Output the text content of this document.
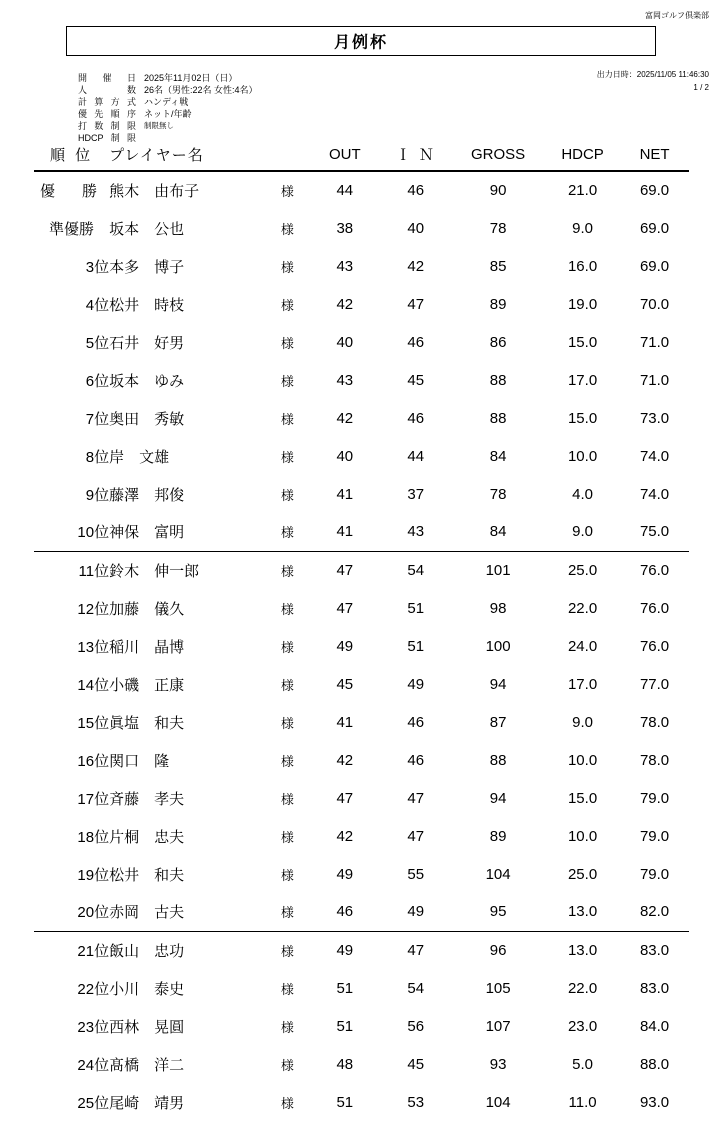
富岡ゴルフ倶楽部
月例杯
開催日 2025年11月02日（日）
人数 26名（男性:22名 女性:4名）
計算方式 ハンディ戦
優先順序 ネット/年齢
打数制限 制限無し
HDCP制限
出力日時：2025/11/05 11:46:30
1 / 2
順 位	プレイヤー名		OUT	Ｉ Ｎ	GROSS	HDCP	NET
優　勝	熊木　由布子	様	44	46	90	21.0	69.0
準優勝	坂本　公也	様	38	40	78	9.0	69.0
3位	本多　博子	様	43	42	85	16.0	69.0
4位	松井　時枝	様	42	47	89	19.0	70.0
5位	石井　好男	様	40	46	86	15.0	71.0
6位	坂本　ゆみ	様	43	45	88	17.0	71.0
7位	奥田　秀敏	様	42	46	88	15.0	73.0
8位	岸　文雄	様	40	44	84	10.0	74.0
9位	藤澤　邦俊	様	41	37	78	4.0	74.0
10位	神保　富明	様	41	43	84	9.0	75.0
11位	鈴木　伸一郎	様	47	54	101	25.0	76.0
12位	加藤　儀久	様	47	51	98	22.0	76.0
13位	稲川　晶博	様	49	51	100	24.0	76.0
14位	小磯　正康	様	45	49	94	17.0	77.0
15位	眞塩　和夫	様	41	46	87	9.0	78.0
16位	関口　隆	様	42	46	88	10.0	78.0
17位	斉藤　孝夫	様	47	47	94	15.0	79.0
18位	片桐　忠夫	様	42	47	89	10.0	79.0
19位	松井　和夫	様	49	55	104	25.0	79.0
20位	赤岡　古夫	様	46	49	95	13.0	82.0
21位	飯山　忠功	様	49	47	96	13.0	83.0
22位	小川　泰史	様	51	54	105	22.0	83.0
23位	西林　晃圓	様	51	56	107	23.0	84.0
24位	髙橋　洋二	様	48	45	93	5.0	88.0
25位	尾崎　靖男	様	51	53	104	11.0	93.0
